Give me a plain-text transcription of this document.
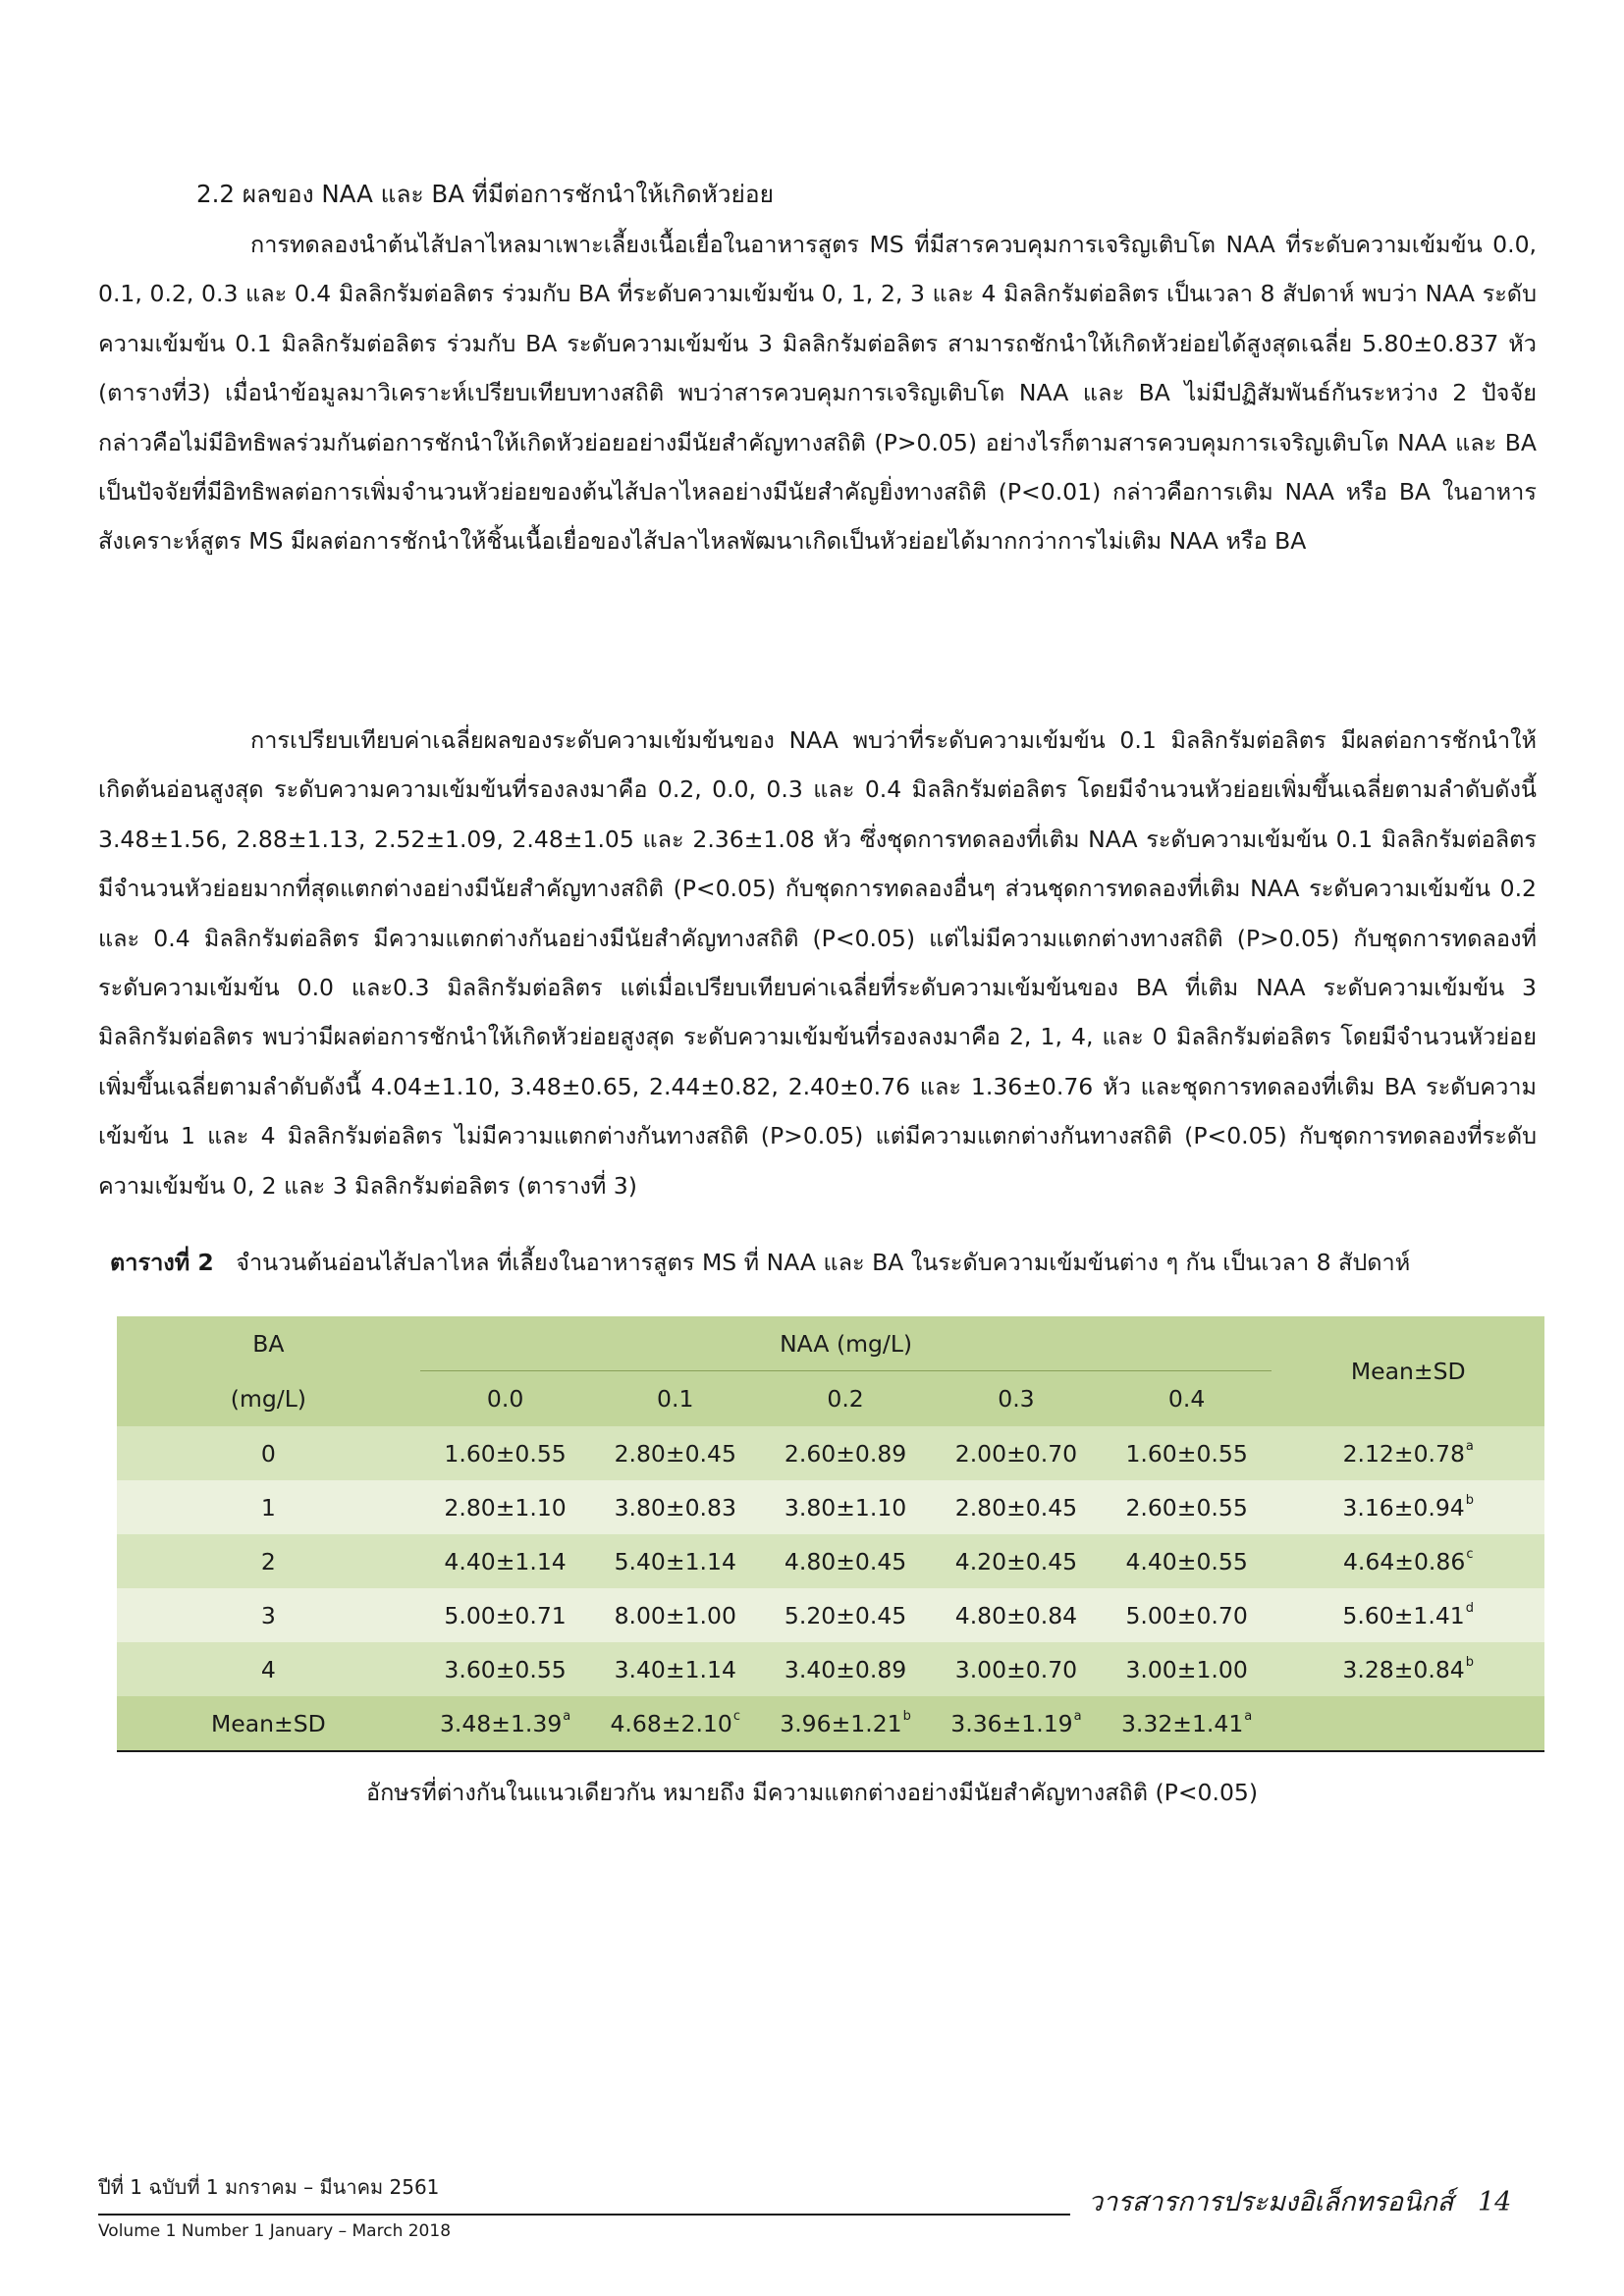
2.2 ผลของ NAA และ BA ที่มีต่อการชักนำให้เกิดหัวย่อย
การทดลองนำต้นไส้ปลาไหลมาเพาะเลี้ยงเนื้อเยื่อในอาหารสูตร MS ที่มีสารควบคุมการเจริญเติบโต NAA ที่ระดับความเข้มข้น 0.0, 0.1, 0.2, 0.3 และ 0.4 มิลลิกรัมต่อลิตร ร่วมกับ BA ที่ระดับความเข้มข้น 0, 1, 2, 3 และ 4 มิลลิกรัมต่อลิตร เป็นเวลา 8 สัปดาห์ พบว่า NAA ระดับความเข้มข้น 0.1 มิลลิกรัมต่อลิตร ร่วมกับ BA ระดับความเข้มข้น 3 มิลลิกรัมต่อลิตร สามารถชักนำให้เกิดหัวย่อยได้สูงสุดเฉลี่ย 5.80±0.837 หัว (ตารางที่3) เมื่อนำข้อมูลมาวิเคราะห์เปรียบเทียบทางสถิติ พบว่าสารควบคุมการเจริญเติบโต NAA และ BA ไม่มีปฏิสัมพันธ์กันระหว่าง 2 ปัจจัย กล่าวคือไม่มีอิทธิพลร่วมกันต่อการชักนำให้เกิดหัวย่อยอย่างมีนัยสำคัญทางสถิติ (P>0.05) อย่างไรก็ตามสารควบคุมการเจริญเติบโต NAA และ BA เป็นปัจจัยที่มีอิทธิพลต่อการเพิ่มจำนวนหัวย่อยของต้นไส้ปลาไหลอย่างมีนัยสำคัญยิ่งทางสถิติ (P<0.01) กล่าวคือการเติม NAA หรือ BA ในอาหารสังเคราะห์สูตร MS มีผลต่อการชักนำให้ชิ้นเนื้อเยื่อของไส้ปลาไหลพัฒนาเกิดเป็นหัวย่อยได้มากกว่าการไม่เติม NAA หรือ BA
การเปรียบเทียบค่าเฉลี่ยผลของระดับความเข้มข้นของ NAA พบว่าที่ระดับความเข้มข้น 0.1 มิลลิกรัมต่อลิตร มีผลต่อการชักนำให้เกิดต้นอ่อนสูงสุด ระดับความความเข้มข้นที่รองลงมาคือ 0.2, 0.0, 0.3 และ 0.4 มิลลิกรัมต่อลิตร โดยมีจำนวนหัวย่อยเพิ่มขึ้นเฉลี่ยตามลำดับดังนี้ 3.48±1.56, 2.88±1.13, 2.52±1.09, 2.48±1.05 และ 2.36±1.08 หัว ซึ่งชุดการทดลองที่เติม NAA ระดับความเข้มข้น 0.1 มิลลิกรัมต่อลิตร มีจำนวนหัวย่อยมากที่สุดแตกต่างอย่างมีนัยสำคัญทางสถิติ (P<0.05) กับชุดการทดลองอื่นๆ ส่วนชุดการทดลองที่เติม NAA ระดับความเข้มข้น 0.2 และ 0.4 มิลลิกรัมต่อลิตร มีความแตกต่างกันอย่างมีนัยสำคัญทางสถิติ (P<0.05) แต่ไม่มีความแตกต่างทางสถิติ (P>0.05) กับชุดการทดลองที่ระดับความเข้มข้น 0.0 และ0.3 มิลลิกรัมต่อลิตร แต่เมื่อเปรียบเทียบค่าเฉลี่ยที่ระดับความเข้มข้นของ BA ที่เติม NAA ระดับความเข้มข้น 3 มิลลิกรัมต่อลิตร พบว่ามีผลต่อการชักนำให้เกิดหัวย่อยสูงสุด ระดับความเข้มข้นที่รองลงมาคือ 2, 1, 4, และ 0 มิลลิกรัมต่อลิตร โดยมีจำนวนหัวย่อยเพิ่มขึ้นเฉลี่ยตามลำดับดังนี้ 4.04±1.10, 3.48±0.65, 2.44±0.82, 2.40±0.76 และ 1.36±0.76 หัว และชุดการทดลองที่เติม BA ระดับความเข้มข้น 1 และ 4 มิลลิกรัมต่อลิตร ไม่มีความแตกต่างกันทางสถิติ (P>0.05) แต่มีความแตกต่างกันทางสถิติ (P<0.05) กับชุดการทดลองที่ระดับความเข้มข้น 0, 2 และ 3 มิลลิกรัมต่อลิตร (ตารางที่ 3)
ตารางที่ 2 จำนวนต้นอ่อนไส้ปลาไหล ที่เลี้ยงในอาหารสูตร MS ที่ NAA และ BA ในระดับความเข้มข้นต่าง ๆ กัน เป็นเวลา 8 สัปดาห์
BA	NAA (mg/L)					Mean±SD
(mg/L)	0.0	0.1	0.2	0.3	0.4	
0	1.60±0.55	2.80±0.45	2.60±0.89	2.00±0.70	1.60±0.55	2.12±0.78$^a$
1	2.80±1.10	3.80±0.83	3.80±1.10	2.80±0.45	2.60±0.55	3.16±0.94$^b$
2	4.40±1.14	5.40±1.14	4.80±0.45	4.20±0.45	4.40±0.55	4.64±0.86$^c$
3	5.00±0.71	8.00±1.00	5.20±0.45	4.80±0.84	5.00±0.70	5.60±1.41$^d$
4	3.60±0.55	3.40±1.14	3.40±0.89	3.00±0.70	3.00±1.00	3.28±0.84$^b$
Mean±SD	3.48±1.39$^a$	4.68±2.10$^c$	3.96±1.21$^b$	3.36±1.19$^a$	3.32±1.41$^a$	
อักษรที่ต่างกันในแนวเดียวกัน หมายถึง มีความแตกต่างอย่างมีนัยสำคัญทางสถิติ (P<0.05)
ปีที่ 1 ฉบับที่ 1 มกราคม – มีนาคม 2561
Volume 1 Number 1 January – March 2018
วารสารการประมงอิเล็กทรอนิกส์ 14
